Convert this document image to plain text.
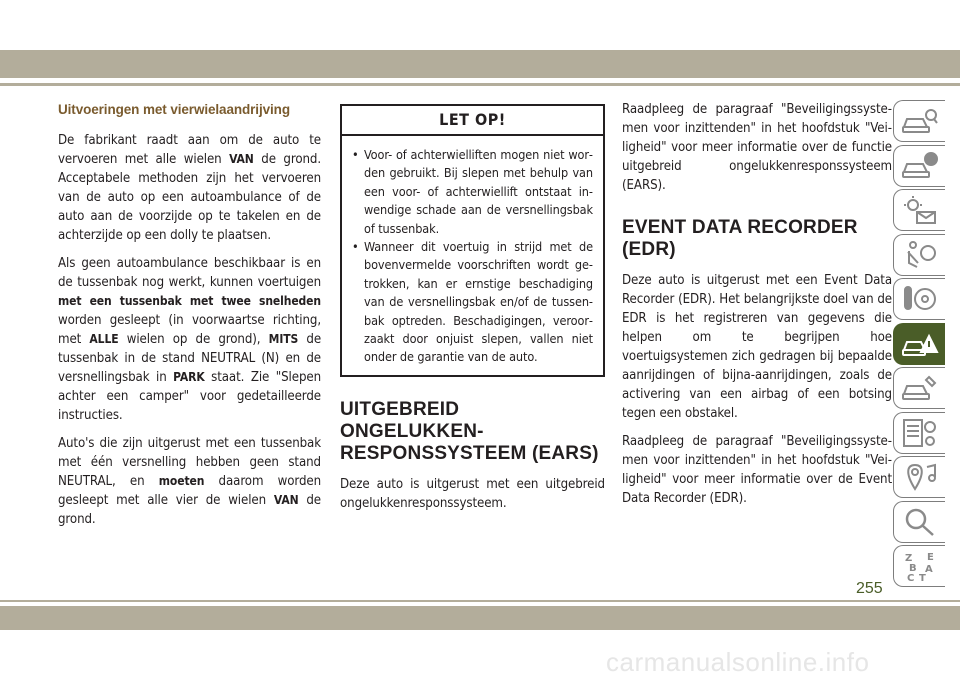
Uitvoeringen met vierwielaandrijving

De fabrikant raadt aan om de auto te vervoeren met alle wielen VAN de grond. Acceptabele methoden zijn het vervoeren van de auto op een autoambulance of de auto aan de voorzijde op te takelen en de achterzijde op een dolly te plaatsen.

Als geen autoambulance beschikbaar is en de tussenbak nog werkt, kunnen voertuigen met een tussenbak met twee snelheden worden gesleept (in voorwaartse richting, met ALLE wielen op de grond), MITS de tussenbak in de stand NEUTRAL (N) en de versnellingsbak in PARK staat. Zie "Slepen achter een camper" voor gedetailleerde instructies.

Auto's die zijn uitgerust met een tussenbak met één versnelling hebben geen stand NEUTRAL, en moeten daarom worden gesleept met alle vier de wielen VAN de grond.

LET OP!
• Voor- of achterwielliften mogen niet worden gebruikt. Bij slepen met behulp van een voor- of achterwiellift ontstaat inwendige schade aan de versnellingsbak of tussenbak.
• Wanneer dit voertuig in strijd met de bovenvermelde voorschriften wordt getrokken, kan er ernstige beschadiging van de versnellingsbak en/of de tussenbak optreden. Beschadigingen, veroorzaakt door onjuist slepen, vallen niet onder de garantie van de auto.
UITGEBREID ONGELUKKENRESPONSSYSTEEM (EARS)

Deze auto is uitgerust met een uitgebreid ongelukkenresponssysteem.

Raadpleeg de paragraaf "Beveiligingssystemen voor inzittenden" in het hoofdstuk "Veiligheid" voor meer informatie over de functie uitgebreid ongelukkenresponssysteem (EARS).

EVENT DATA RECORDER (EDR)

Deze auto is uitgerust met een Event Data Recorder (EDR). Het belangrijkste doel van de EDR is het registreren van gegevens die helpen om te begrijpen hoe voertuigsystemen zich gedragen bij bepaalde aanrijdingen of bijna-aanrijdingen, zoals de activering van een airbag of een botsing tegen een obstakel.

Raadpleeg de paragraaf "Beveiligingssystemen voor inzittenden" in het hoofdstuk "Veiligheid" voor meer informatie over de Event Data Recorder (EDR).

Z E
B A
C T
255
carmanualsonline.info
